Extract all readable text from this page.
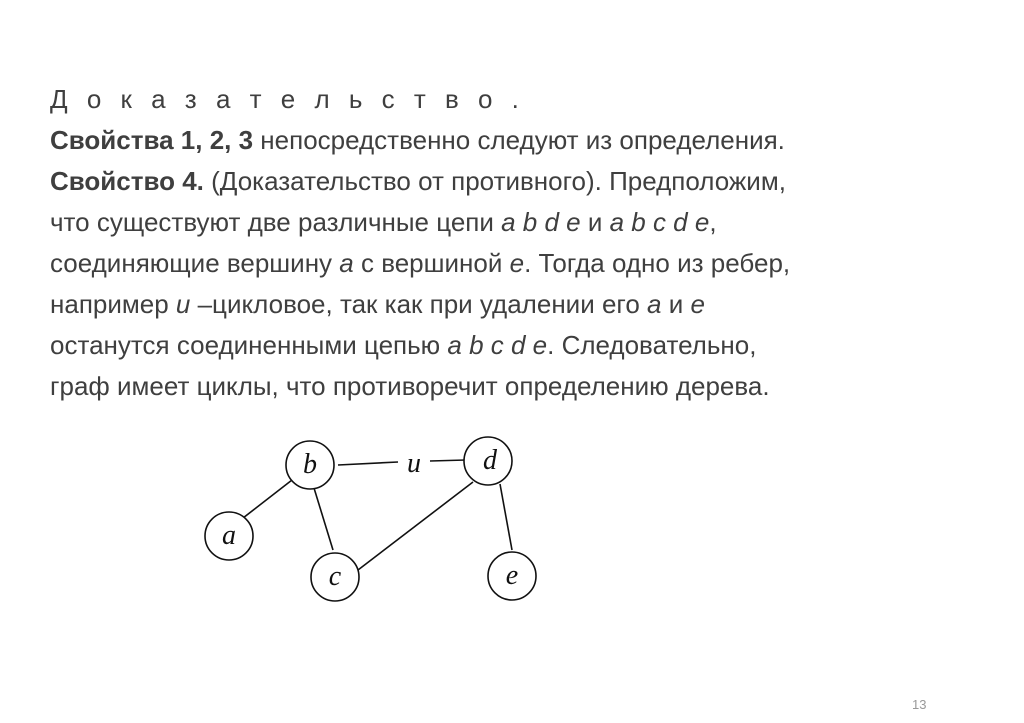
Д о к а з а т е л ь с т в о .
Свойства 1, 2, 3 непосредственно следуют из определения.
Свойство 4. (Доказательство от противного). Предположим,
что существуют две различные цепи a b d e и a b c d e,
соединяющие вершину a с вершиной e. Тогда одно из ребер,
например u –цикловое, так как при удалении его a и e
останутся соединенными цепью a b c d e. Следовательно,
граф имеет циклы, что противоречит определению дерева.
a
b
c
d
e
u
13
